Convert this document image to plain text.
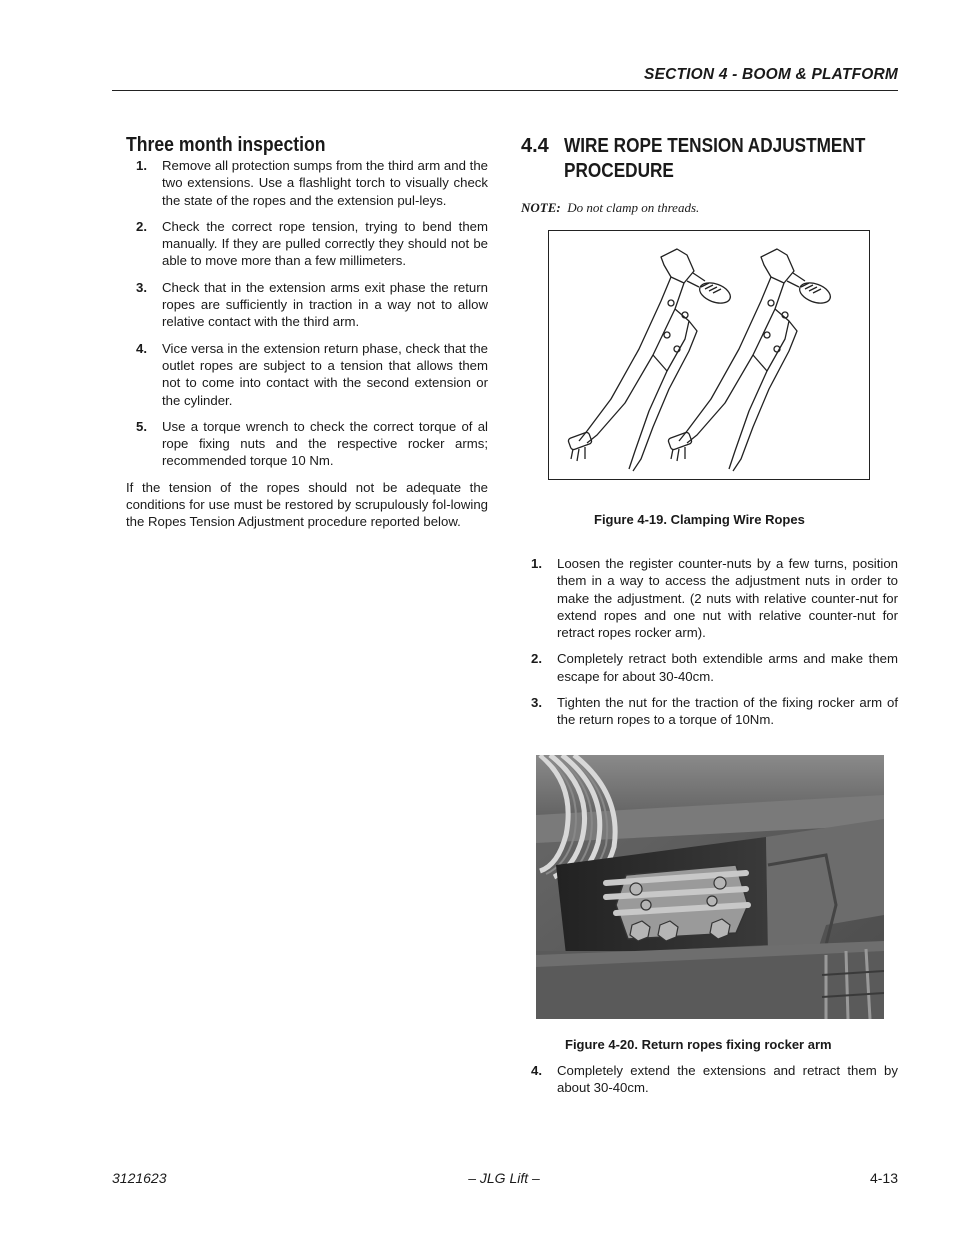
SECTION 4 - BOOM & PLATFORM
Three month inspection
1.	Remove all protection sumps from the third arm and the two extensions. Use a flashlight torch to visually check the state of the ropes and the extension pul-leys.
2.	Check the correct rope tension, trying to bend them manually. If they are pulled correctly they should not be able to move more than a few millimeters.
3.	Check that in the extension arms exit phase the return ropes are sufficiently in traction in a way not to allow relative contact with the third arm.
4.	Vice versa in the extension return phase, check that the outlet ropes are subject to a tension that allows them not to come into contact with the second extension or the cylinder.
5.	Use a torque wrench to check the correct torque of al rope fixing nuts and the respective rocker arms; recommended torque 10 Nm.

If the tension of the ropes should not be adequate the conditions for use must be restored by scrupulously fol-lowing the Ropes Tension Adjustment procedure reported below.

4.4 WIRE ROPE TENSION ADJUSTMENT
PROCEDURE

NOTE: Do not clamp on threads.

Figure 4-19. Clamping Wire Ropes
1.	Loosen the register counter-nuts by a few turns, position them in a way to access the adjustment nuts in order to make the adjustment. (2 nuts with relative counter-nut for extend ropes and one nut with relative counter-nut for retract ropes rocker arm).
2.	Completely retract both extendible arms and make them escape for about 30-40cm.
3.	Tighten the nut for the traction of the fixing rocker arm of the return ropes to a torque of 10Nm.
Figure 4-20. Return ropes fixing rocker arm
4.	Completely extend the extensions and retract them by about 30-40cm.
3121623	– JLG Lift –	4-13
